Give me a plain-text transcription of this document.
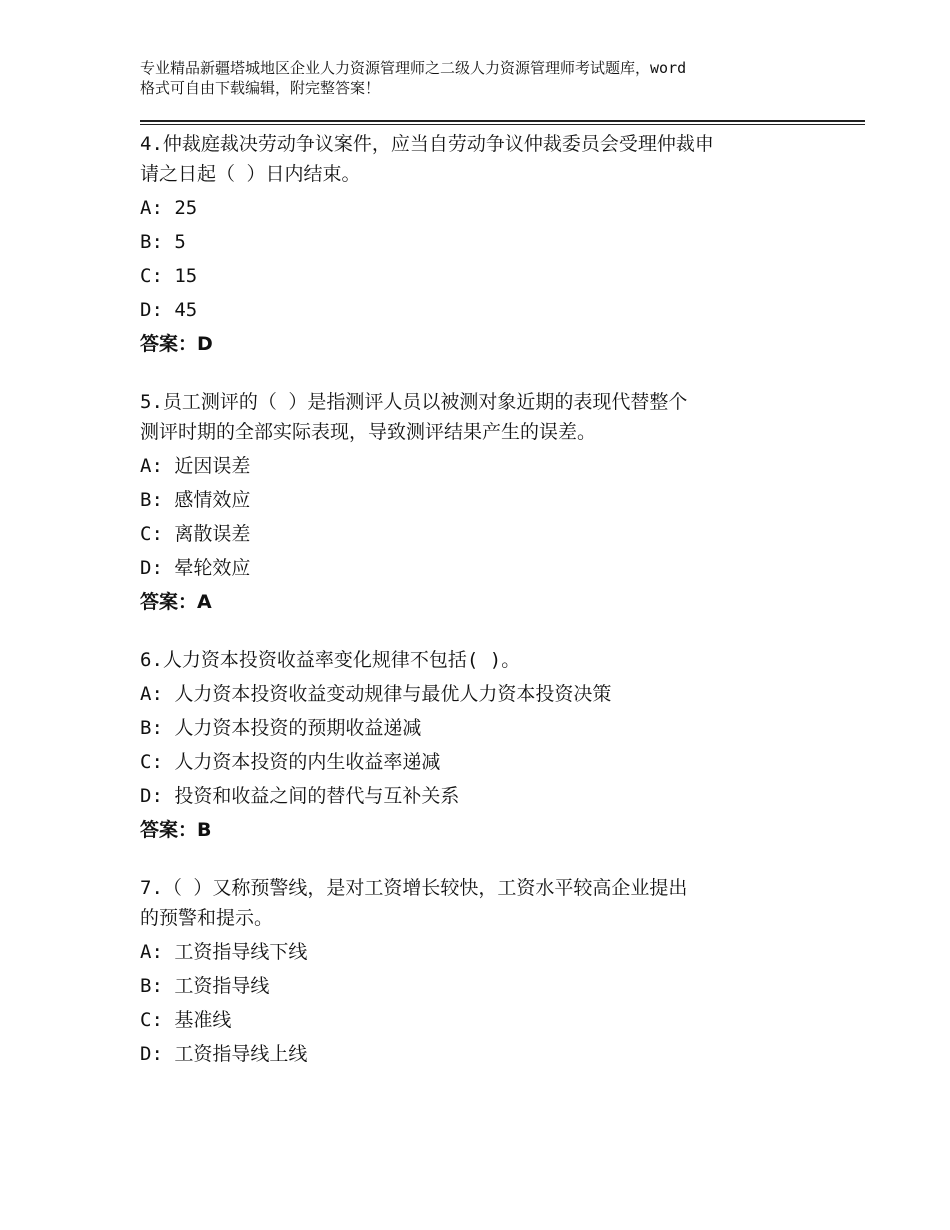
专业精品新疆塔城地区企业人力资源管理师之二级人力资源管理师考试题库，word
格式可自由下载编辑，附完整答案！
4.仲裁庭裁决劳动争议案件，应当自劳动争议仲裁委员会受理仲裁申
请之日起（ ）日内结束。
A: 25
B: 5
C: 15
D: 45
答案：D
5.员工测评的（ ）是指测评人员以被测对象近期的表现代替整个
测评时期的全部实际表现，导致测评结果产生的误差。
A: 近因误差
B: 感情效应
C: 离散误差
D: 晕轮效应
答案：A
6.人力资本投资收益率变化规律不包括( )。
A: 人力资本投资收益变动规律与最优人力资本投资决策
B: 人力资本投资的预期收益递减
C: 人力资本投资的内生收益率递减
D: 投资和收益之间的替代与互补关系
答案：B
7.（ ）又称预警线，是对工资增长较快，工资水平较高企业提出
的预警和提示。
A: 工资指导线下线
B: 工资指导线
C: 基准线
D: 工资指导线上线
